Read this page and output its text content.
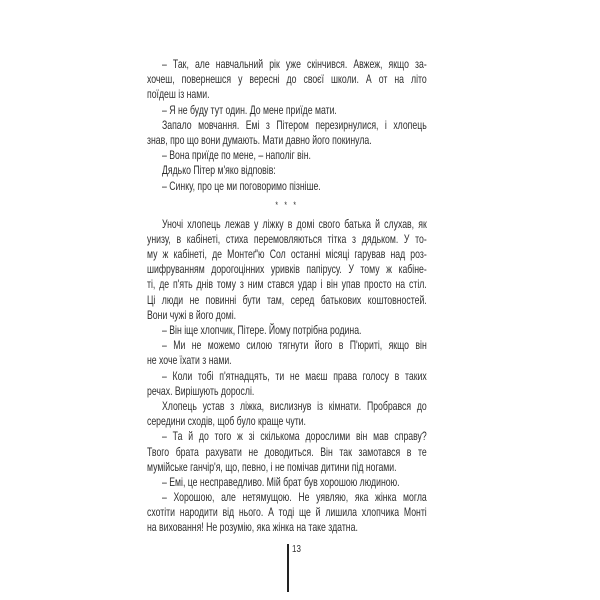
– Так, але навчальний рік уже скінчився. Авжеж, якщо за-
хочеш, повернешся у вересні до своєї школи. А от на літо
поїдеш із нами.
– Я не буду тут один. До мене приїде мати.
Запало мовчання. Емі з Пітером перезирнулися, і хлопець
знав, про що вони думають. Мати давно його покинула.
– Вона приїде по мене, – наполіг він.
Дядько Пітер м'яко відповів:
– Синку, про це ми поговоримо пізніше.
* * *
Уночі хлопець лежав у ліжку в домі свого батька й слухав, як
унизу, в кабінеті, стиха перемовляються тітка з дядьком. У то-
му ж кабінеті, де Монтеґ'ю Сол останні місяці гарував над роз-
шифруванням дорогоцінних уривків папірусу. У тому ж кабіне-
ті, де п'ять днів тому з ним стався удар і він упав просто на стіл.
Ці люди не повинні бути там, серед батькових коштовностей.
Вони чужі в його домі.
– Він іще хлопчик, Пітере. Йому потрібна родина.
– Ми не можемо силою тягнути його в П'юриті, якщо він
не хоче їхати з нами.
– Коли тобі п'ятнадцять, ти не маєш права голосу в таких
речах. Вирішують дорослі.
Хлопець устав з ліжка, вислизнув із кімнати. Пробрався до
середини сходів, щоб було краще чути.
– Та й до того ж зі скількома дорослими він мав справу?
Твого брата рахувати не доводиться. Він так замотався в те
мумійське ганчір'я, що, певно, і не помічав дитини під ногами.
– Емі, це несправедливо. Мій брат був хорошою людиною.
– Хорошою, але нетямущою. Не уявляю, яка жінка могла
схотіти народити від нього. А тоді ще й лишила хлопчика Монті
на виховання! Не розумію, яка жінка на таке здатна.
13
